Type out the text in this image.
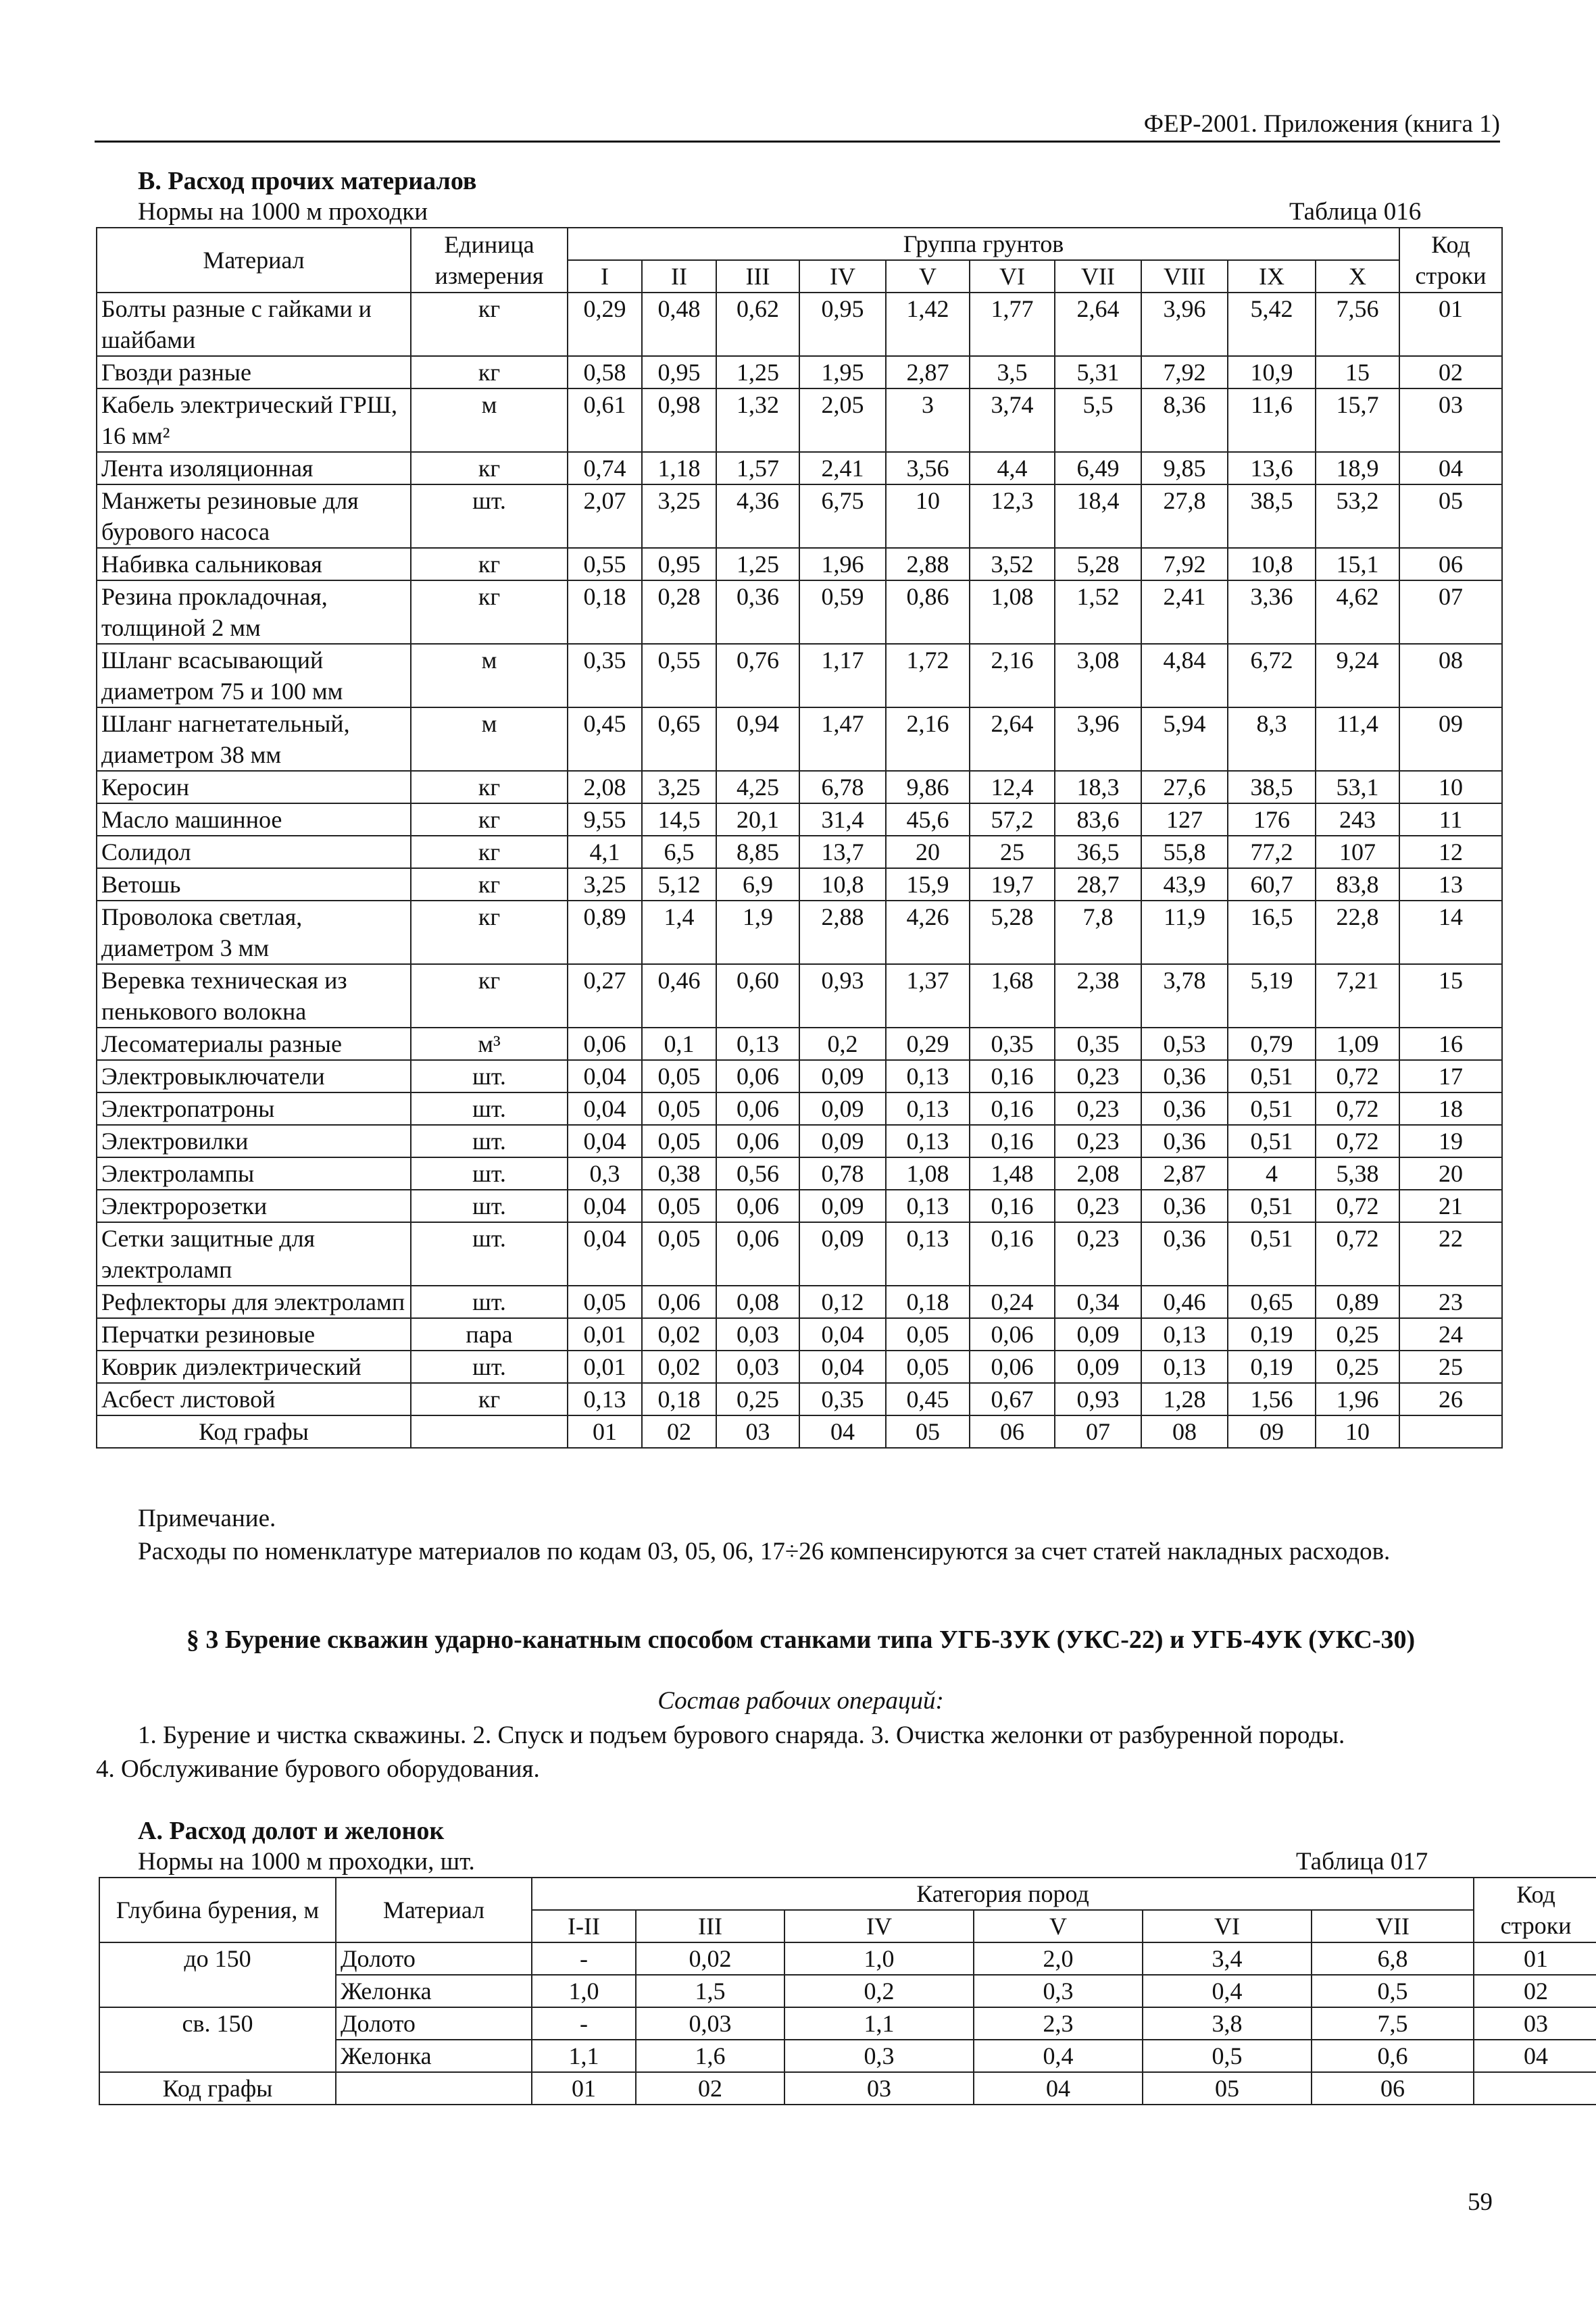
ФЕР-2001. Приложения (книга 1)
В. Расход прочих материалов
Нормы на 1000 м проходки	Таблица 016
Материал	Единица измерения	Группа грунтов										Код строки
		I	II	III	IV	V	VI	VII	VIII	IX	X	
Болты разные с гайками и шайбами	кг	0,29	0,48	0,62	0,95	1,42	1,77	2,64	3,96	5,42	7,56	01
Гвозди разные	кг	0,58	0,95	1,25	1,95	2,87	3,5	5,31	7,92	10,9	15	02
Кабель электрический ГРШ, 16 мм²	м	0,61	0,98	1,32	2,05	3	3,74	5,5	8,36	11,6	15,7	03
Лента изоляционная	кг	0,74	1,18	1,57	2,41	3,56	4,4	6,49	9,85	13,6	18,9	04
Манжеты резиновые для бурового насоса	шт.	2,07	3,25	4,36	6,75	10	12,3	18,4	27,8	38,5	53,2	05
Набивка сальниковая	кг	0,55	0,95	1,25	1,96	2,88	3,52	5,28	7,92	10,8	15,1	06
Резина прокладочная, толщиной 2 мм	кг	0,18	0,28	0,36	0,59	0,86	1,08	1,52	2,41	3,36	4,62	07
Шланг всасывающий диаметром 75 и 100 мм	м	0,35	0,55	0,76	1,17	1,72	2,16	3,08	4,84	6,72	9,24	08
Шланг нагнетательный, диаметром 38 мм	м	0,45	0,65	0,94	1,47	2,16	2,64	3,96	5,94	8,3	11,4	09
Керосин	кг	2,08	3,25	4,25	6,78	9,86	12,4	18,3	27,6	38,5	53,1	10
Масло машинное	кг	9,55	14,5	20,1	31,4	45,6	57,2	83,6	127	176	243	11
Солидол	кг	4,1	6,5	8,85	13,7	20	25	36,5	55,8	77,2	107	12
Ветошь	кг	3,25	5,12	6,9	10,8	15,9	19,7	28,7	43,9	60,7	83,8	13
Проволока светлая, диаметром 3 мм	кг	0,89	1,4	1,9	2,88	4,26	5,28	7,8	11,9	16,5	22,8	14
Веревка техническая из пенькового волокна	кг	0,27	0,46	0,60	0,93	1,37	1,68	2,38	3,78	5,19	7,21	15
Лесоматериалы разные	м³	0,06	0,1	0,13	0,2	0,29	0,35	0,35	0,53	0,79	1,09	16
Электровыключатели	шт.	0,04	0,05	0,06	0,09	0,13	0,16	0,23	0,36	0,51	0,72	17
Электропатроны	шт.	0,04	0,05	0,06	0,09	0,13	0,16	0,23	0,36	0,51	0,72	18
Электровилки	шт.	0,04	0,05	0,06	0,09	0,13	0,16	0,23	0,36	0,51	0,72	19
Электролампы	шт.	0,3	0,38	0,56	0,78	1,08	1,48	2,08	2,87	4	5,38	20
Электророзетки	шт.	0,04	0,05	0,06	0,09	0,13	0,16	0,23	0,36	0,51	0,72	21
Сетки защитные для электроламп	шт.	0,04	0,05	0,06	0,09	0,13	0,16	0,23	0,36	0,51	0,72	22
Рефлекторы для электроламп	шт.	0,05	0,06	0,08	0,12	0,18	0,24	0,34	0,46	0,65	0,89	23
Перчатки резиновые	пара	0,01	0,02	0,03	0,04	0,05	0,06	0,09	0,13	0,19	0,25	24
Коврик диэлектрический	шт.	0,01	0,02	0,03	0,04	0,05	0,06	0,09	0,13	0,19	0,25	25
Асбест листовой	кг	0,13	0,18	0,25	0,35	0,45	0,67	0,93	1,28	1,56	1,96	26
Код графы		01	02	03	04	05	06	07	08	09	10	
Примечание.
Расходы по номенклатуре материалов по кодам 03, 05, 06, 17÷26 компенсируются за счет статей накладных расходов.
§ 3 Бурение скважин ударно-канатным способом станками типа УГБ-3УК (УКС-22) и УГБ-4УК (УКС-30)
Состав рабочих операций:
1. Бурение и чистка скважины. 2. Спуск и подъем бурового снаряда. 3. Очистка желонки от разбуренной породы.
4. Обслуживание бурового оборудования.
А. Расход долот и желонок
Нормы на 1000 м проходки, шт.	Таблица 017
Глубина бурения, м	Материал	Категория пород						Код строки
		I-II	III	IV	V	VI	VII	
до 150	Долото	-	0,02	1,0	2,0	3,4	6,8	01
	Желонка	1,0	1,5	0,2	0,3	0,4	0,5	02
св. 150	Долото	-	0,03	1,1	2,3	3,8	7,5	03
	Желонка	1,1	1,6	0,3	0,4	0,5	0,6	04
Код графы		01	02	03	04	05	06	
59
